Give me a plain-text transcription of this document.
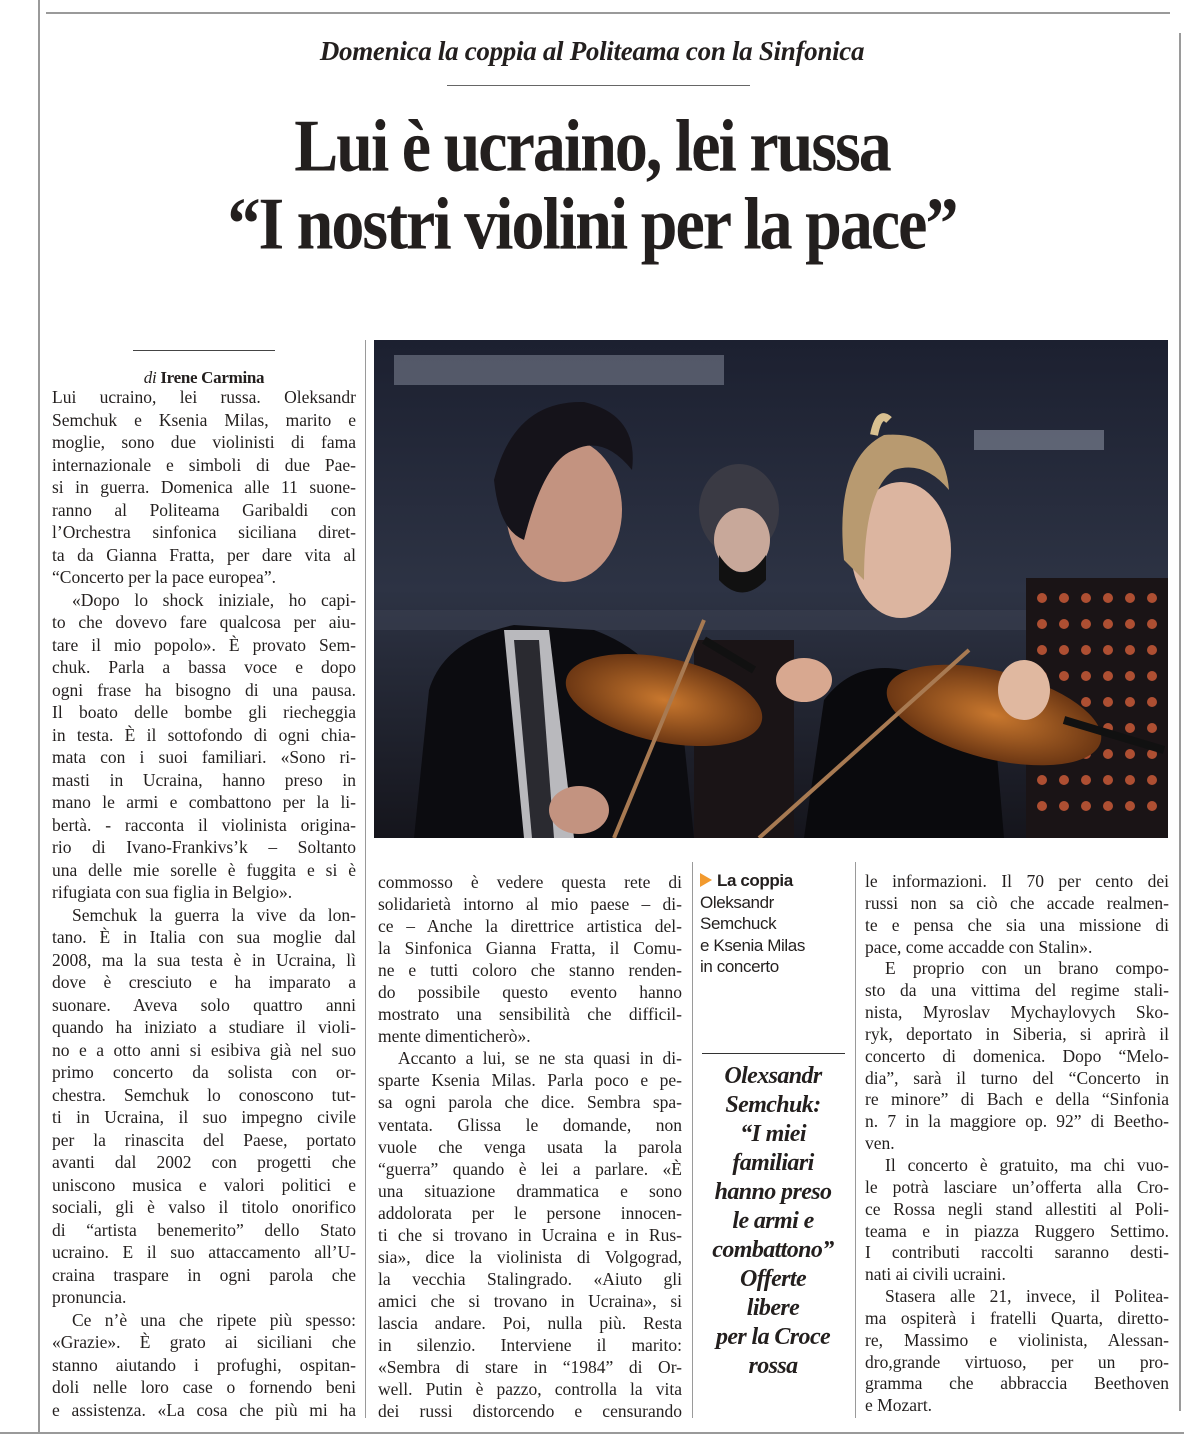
Domenica la coppia al Politeama con la Sinfonica
Lui è ucraino, lei russa
“I nostri violini per la pace”
di Irene Carmina
Lui ucraino, lei russa. Oleksandr
Semchuk e Ksenia Milas, marito e
moglie, sono due violinisti di fama
internazionale e simboli di due Pae-
si in guerra. Domenica alle 11 suone-
ranno al Politeama Garibaldi con
l’Orchestra sinfonica siciliana diret-
ta da Gianna Fratta, per dare vita al
“Concerto per la pace europea”.
«Dopo lo shock iniziale, ho capi-
to che dovevo fare qualcosa per aiu-
tare il mio popolo». È provato Sem-
chuk. Parla a bassa voce e dopo
ogni frase ha bisogno di una pausa.
Il boato delle bombe gli riecheggia
in testa. È il sottofondo di ogni chia-
mata con i suoi familiari. «Sono ri-
masti in Ucraina, hanno preso in
mano le armi e combattono per la li-
bertà. - racconta il violinista origina-
rio di Ivano-Frankivs’k – Soltanto
una delle mie sorelle è fuggita e si è
rifugiata con sua figlia in Belgio».
Semchuk la guerra la vive da lon-
tano. È in Italia con sua moglie dal
2008, ma la sua testa è in Ucraina, lì
dove è cresciuto e ha imparato a
suonare. Aveva solo quattro anni
quando ha iniziato a studiare il violi-
no e a otto anni si esibiva già nel suo
primo concerto da solista con or-
chestra. Semchuk lo conoscono tut-
ti in Ucraina, il suo impegno civile
per la rinascita del Paese, portato
avanti dal 2002 con progetti che
uniscono musica e valori politici e
sociali, gli è valso il titolo onorifico
di “artista benemerito” dello Stato
ucraino. E il suo attaccamento all’U-
craina traspare in ogni parola che
pronuncia.
Ce n’è una che ripete più spesso:
«Grazie». È grato ai siciliani che
stanno aiutando i profughi, ospitan-
doli nelle loro case o fornendo beni
e assistenza. «La cosa che più mi ha
commosso è vedere questa rete di
solidarietà intorno al mio paese – di-
ce – Anche la direttrice artistica del-
la Sinfonica Gianna Fratta, il Comu-
ne e tutti coloro che stanno renden-
do possibile questo evento hanno
mostrato una sensibilità che difficil-
mente dimenticherò».
Accanto a lui, se ne sta quasi in di-
sparte Ksenia Milas. Parla poco e pe-
sa ogni parola che dice. Sembra spa-
ventata. Glissa le domande, non
vuole che venga usata la parola
“guerra” quando è lei a parlare. «È
una situazione drammatica e sono
addolorata per le persone innocen-
ti che si trovano in Ucraina e in Rus-
sia», dice la violinista di Volgograd,
la vecchia Stalingrado. «Aiuto gli
amici che si trovano in Ucraina», si
lascia andare. Poi, nulla più. Resta
in silenzio. Interviene il marito:
«Sembra di stare in “1984” di Or-
well. Putin è pazzo, controlla la vita
dei russi distorcendo e censurando
le informazioni. Il 70 per cento dei
russi non sa ciò che accade realmen-
te e pensa che sia una missione di
pace, come accadde con Stalin».
E proprio con un brano compo-
sto da una vittima del regime stali-
nista, Myroslav Mychaylovych Sko-
ryk, deportato in Siberia, si aprirà il
concerto di domenica. Dopo “Melo-
dia”, sarà il turno del “Concerto in
re minore” di Bach e della “Sinfonia
n. 7 in la maggiore op. 92” di Beetho-
ven.
Il concerto è gratuito, ma chi vuo-
le potrà lasciare un’offerta alla Cro-
ce Rossa negli stand allestiti al Poli-
teama e in piazza Ruggero Settimo.
I contributi raccolti saranno desti-
nati ai civili ucraini.
Stasera alle 21, invece, il Politea-
ma ospiterà i fratelli Quarta, diretto-
re, Massimo e violinista, Alessan-
dro,grande virtuoso, per un pro-
gramma che abbraccia Beethoven
e Mozart.
La coppia
Oleksandr
Semchuck
e Ksenia Milas
in concerto
Olexsandr
Semchuk:
“I miei
familiari
hanno preso
le armi e
combattono”
Offerte
libere
per la Croce
rossa
